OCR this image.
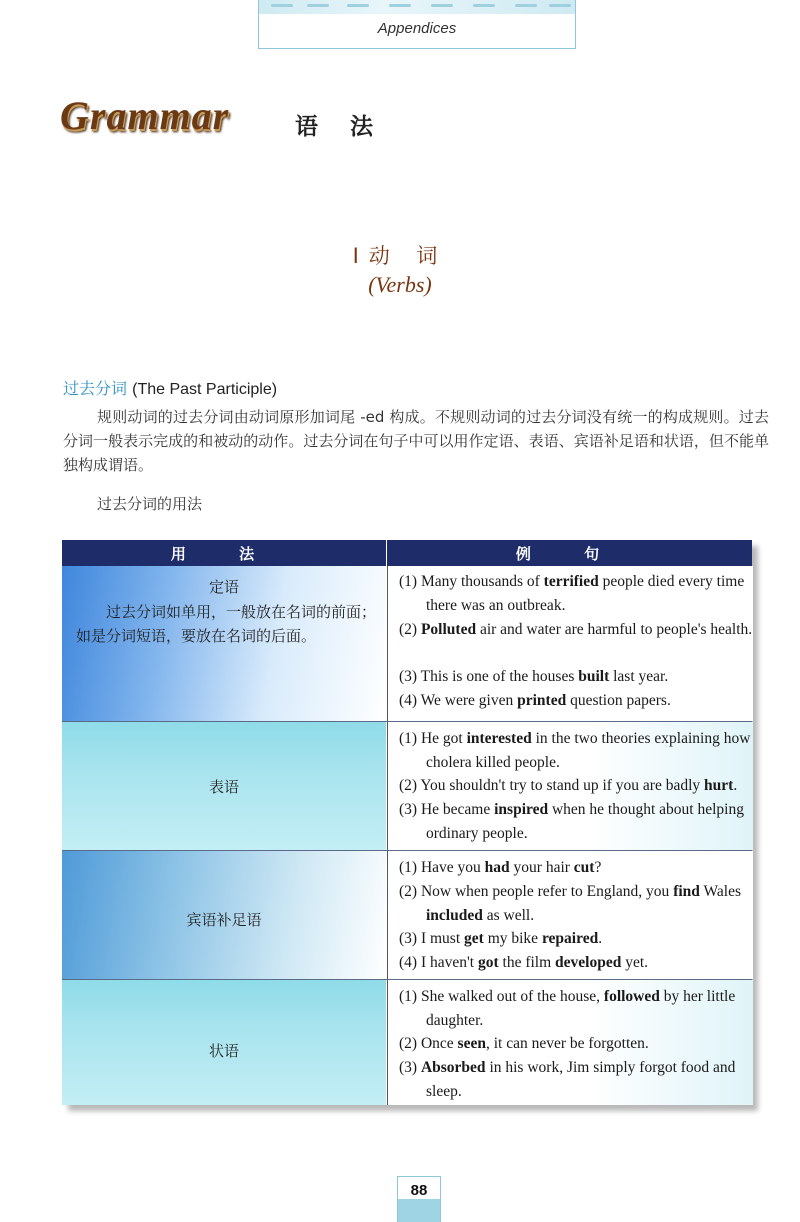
Appendices
Grammar	语 法
Ⅰ动 词
(Verbs)
过去分词 (The Past Participle)
规则动词的过去分词由动词原形加词尾 -ed 构成。不规则动词的过去分词没有统一的构成规则。过去分词一般表示完成的和被动的动作。过去分词在句子中可以用作定语、表语、宾语补足语和状语，但不能单独构成谓语。
过去分词的用法
用 法	例 句
定语
过去分词如单用，一般放在名词的前面；如是分词短语，要放在名词的后面。
(1) Many thousands of terrified people died every time there was an outbreak.
(2) Polluted air and water are harmful to people's health.
(3) This is one of the houses built last year.
(4) We were given printed question papers.
表语
(1) He got interested in the two theories explaining how cholera killed people.
(2) You shouldn't try to stand up if you are badly hurt.
(3) He became inspired when he thought about helping ordinary people.
宾语补足语
(1) Have you had your hair cut?
(2) Now when people refer to England, you find Wales included as well.
(3) I must get my bike repaired.
(4) I haven't got the film developed yet.
状语
(1) She walked out of the house, followed by her little daughter.
(2) Once seen, it can never be forgotten.
(3) Absorbed in his work, Jim simply forgot food and sleep.
88
